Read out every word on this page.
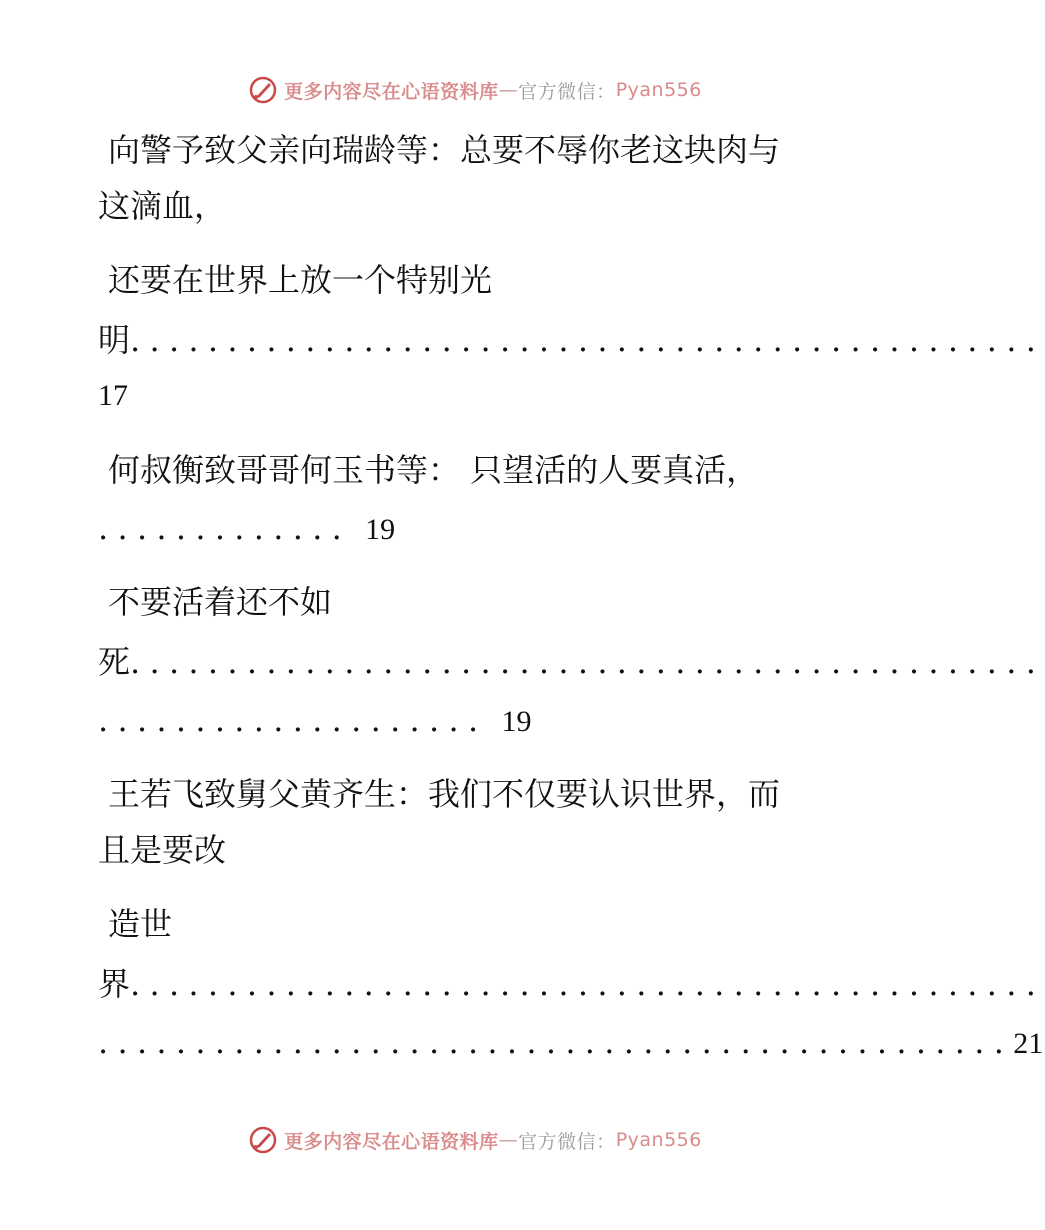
更多内容尽在心语资料库 — 官方微信： Pyan556
向警予致父亲向瑞龄等：总要不辱你老这块肉与
这滴血，
还要在世界上放一个特别光
明...............................................
17
何叔衡致哥哥何玉书等： 只望活的人要真活，
............. 19
不要活着还不如
死...............................................
.................... 19
王若飞致舅父黄齐生：我们不仅要认识世界，而
且是要改
造世
界...............................................
...............................................21
更多内容尽在心语资料库 — 官方微信： Pyan556
